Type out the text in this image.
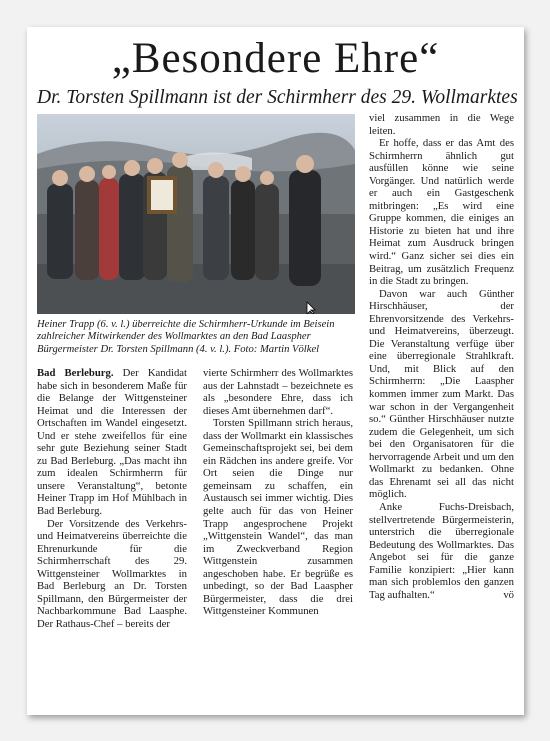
„Besondere Ehre“
Dr. Torsten Spillmann ist der Schirmherr des 29. Wollmarktes
Heiner Trapp (6. v. l.) überreichte die Schirmherr-Urkunde im Beisein zahlreicher Mitwirkender des Wollmarktes an den Bad Laaspher Bürgermeister Dr. Torsten Spillmann (4. v. l.). Foto: Martin Völkel

Bad Berleburg. Der Kandidat habe sich in besonderem Maße für die Belange der Wittgensteiner Heimat und die Interessen der Ortschaften im Wandel eingesetzt. Und er stehe zweifellos für eine sehr gute Beziehung seiner Stadt zu Bad Berleburg. „Das macht ihn zum idealen Schirmherrn für unsere Veranstaltung“, betonte Heiner Trapp im Hof Mühlbach in Bad Berleburg.

Der Vorsitzende des Verkehrs- und Heimatvereins überreichte die Ehrenurkunde für die Schirmherrschaft des 29. Wittgensteiner Wollmarktes in Bad Berleburg an Dr. Torsten Spillmann, den Bürgermeister der Nachbarkommune Bad Laasphe. Der Rathaus-Chef – bereits der

vierte Schirmherr des Wollmarktes aus der Lahnstadt – bezeichnete es als „besondere Ehre, dass ich dieses Amt übernehmen darf“.

Torsten Spillmann strich heraus, dass der Wollmarkt ein klassisches Gemeinschaftsprojekt sei, bei dem ein Rädchen ins andere greife. Vor Ort seien die Dinge nur gemeinsam zu schaffen, ein Austausch sei immer wichtig. Dies gelte auch für das von Heiner Trapp angesprochene Projekt „Wittgenstein Wandel“, das man im Zweckverband Region Wittgenstein zusammen angeschoben habe. Er begrüße es unbedingt, so der Bad Laaspher Bürgermeister, dass die drei Wittgensteiner Kommunen

viel zusammen in die Wege leiten.

Er hoffe, dass er das Amt des Schirmherrn ähnlich gut ausfüllen könne wie seine Vorgänger. Und natürlich werde er auch ein Gastgeschenk mitbringen: „Es wird eine Gruppe kommen, die einiges an Historie zu bieten hat und ihre Heimat zum Ausdruck bringen wird.“ Ganz sicher sei dies ein Beitrag, um zusätzlich Frequenz in die Stadt zu bringen.

Davon war auch Günther Hirschhäuser, der Ehrenvorsitzende des Verkehrs- und Heimatvereins, überzeugt. Die Veranstaltung verfüge über eine überregionale Strahlkraft. Und, mit Blick auf den Schirmherrn: „Die Laaspher kommen immer zum Markt. Das war schon in der Vergangenheit so.“ Günther Hirschhäuser nutzte zudem die Gelegenheit, um sich bei den Organisatoren für die hervorragende Arbeit und um den Wollmarkt zu bedanken. Ohne das Ehrenamt sei all das nicht möglich.

Anke Fuchs-Dreisbach, stellvertretende Bürgermeisterin, unterstrich die überregionale Bedeutung des Wollmarktes. Das Angebot sei für die ganze Familie konzipiert: „Hier kann man sich problemlos den ganzen Tag aufhalten.“	vö
